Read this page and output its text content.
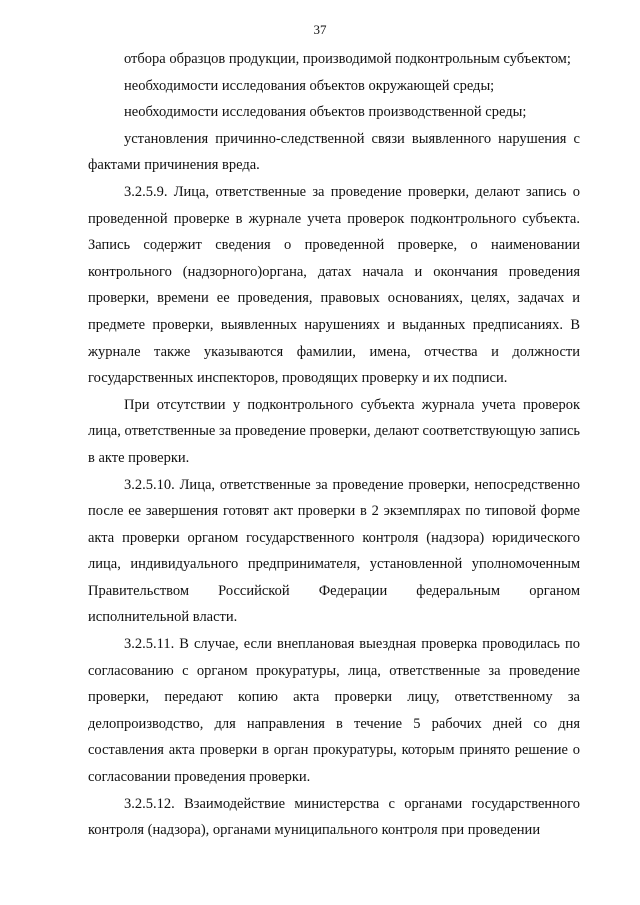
37

отбора образцов продукции, производимой подконтрольным субъектом;

необходимости исследования объектов окружающей среды;

необходимости исследования объектов производственной среды;

установления причинно-следственной связи выявленного нарушения с фактами причинения вреда.

3.2.5.9. Лица, ответственные за проведение проверки, делают запись о проведенной проверке в журнале учета проверок подконтрольного субъекта. Запись содержит сведения о проведенной проверке, о наименовании контрольного (надзорного)органа, датах начала и окончания проведения проверки, времени ее проведения, правовых основаниях, целях, задачах и предмете проверки, выявленных нарушениях и выданных предписаниях. В журнале также указываются фамилии, имена, отчества и должности государственных инспекторов, проводящих проверку и их подписи.

При отсутствии у подконтрольного субъекта журнала учета проверок лица, ответственные за проведение проверки, делают соответствующую запись в акте проверки.

3.2.5.10. Лица, ответственные за проведение проверки, непосредственно после ее завершения готовят акт проверки в 2 экземплярах по типовой форме акта проверки органом государственного контроля (надзора) юридического лица, индивидуального предпринимателя, установленной уполномоченным Правительством Российской Федерации федеральным органом исполнительной власти.

3.2.5.11. В случае, если внеплановая выездная проверка проводилась по согласованию с органом прокуратуры, лица, ответственные за проведение проверки, передают копию акта проверки лицу, ответственному за делопроизводство, для направления в течение 5 рабочих дней со дня составления акта проверки в орган прокуратуры, которым принято решение о согласовании проведения проверки.

3.2.5.12. Взаимодействие министерства с органами государственного контроля (надзора), органами муниципального контроля при проведении
